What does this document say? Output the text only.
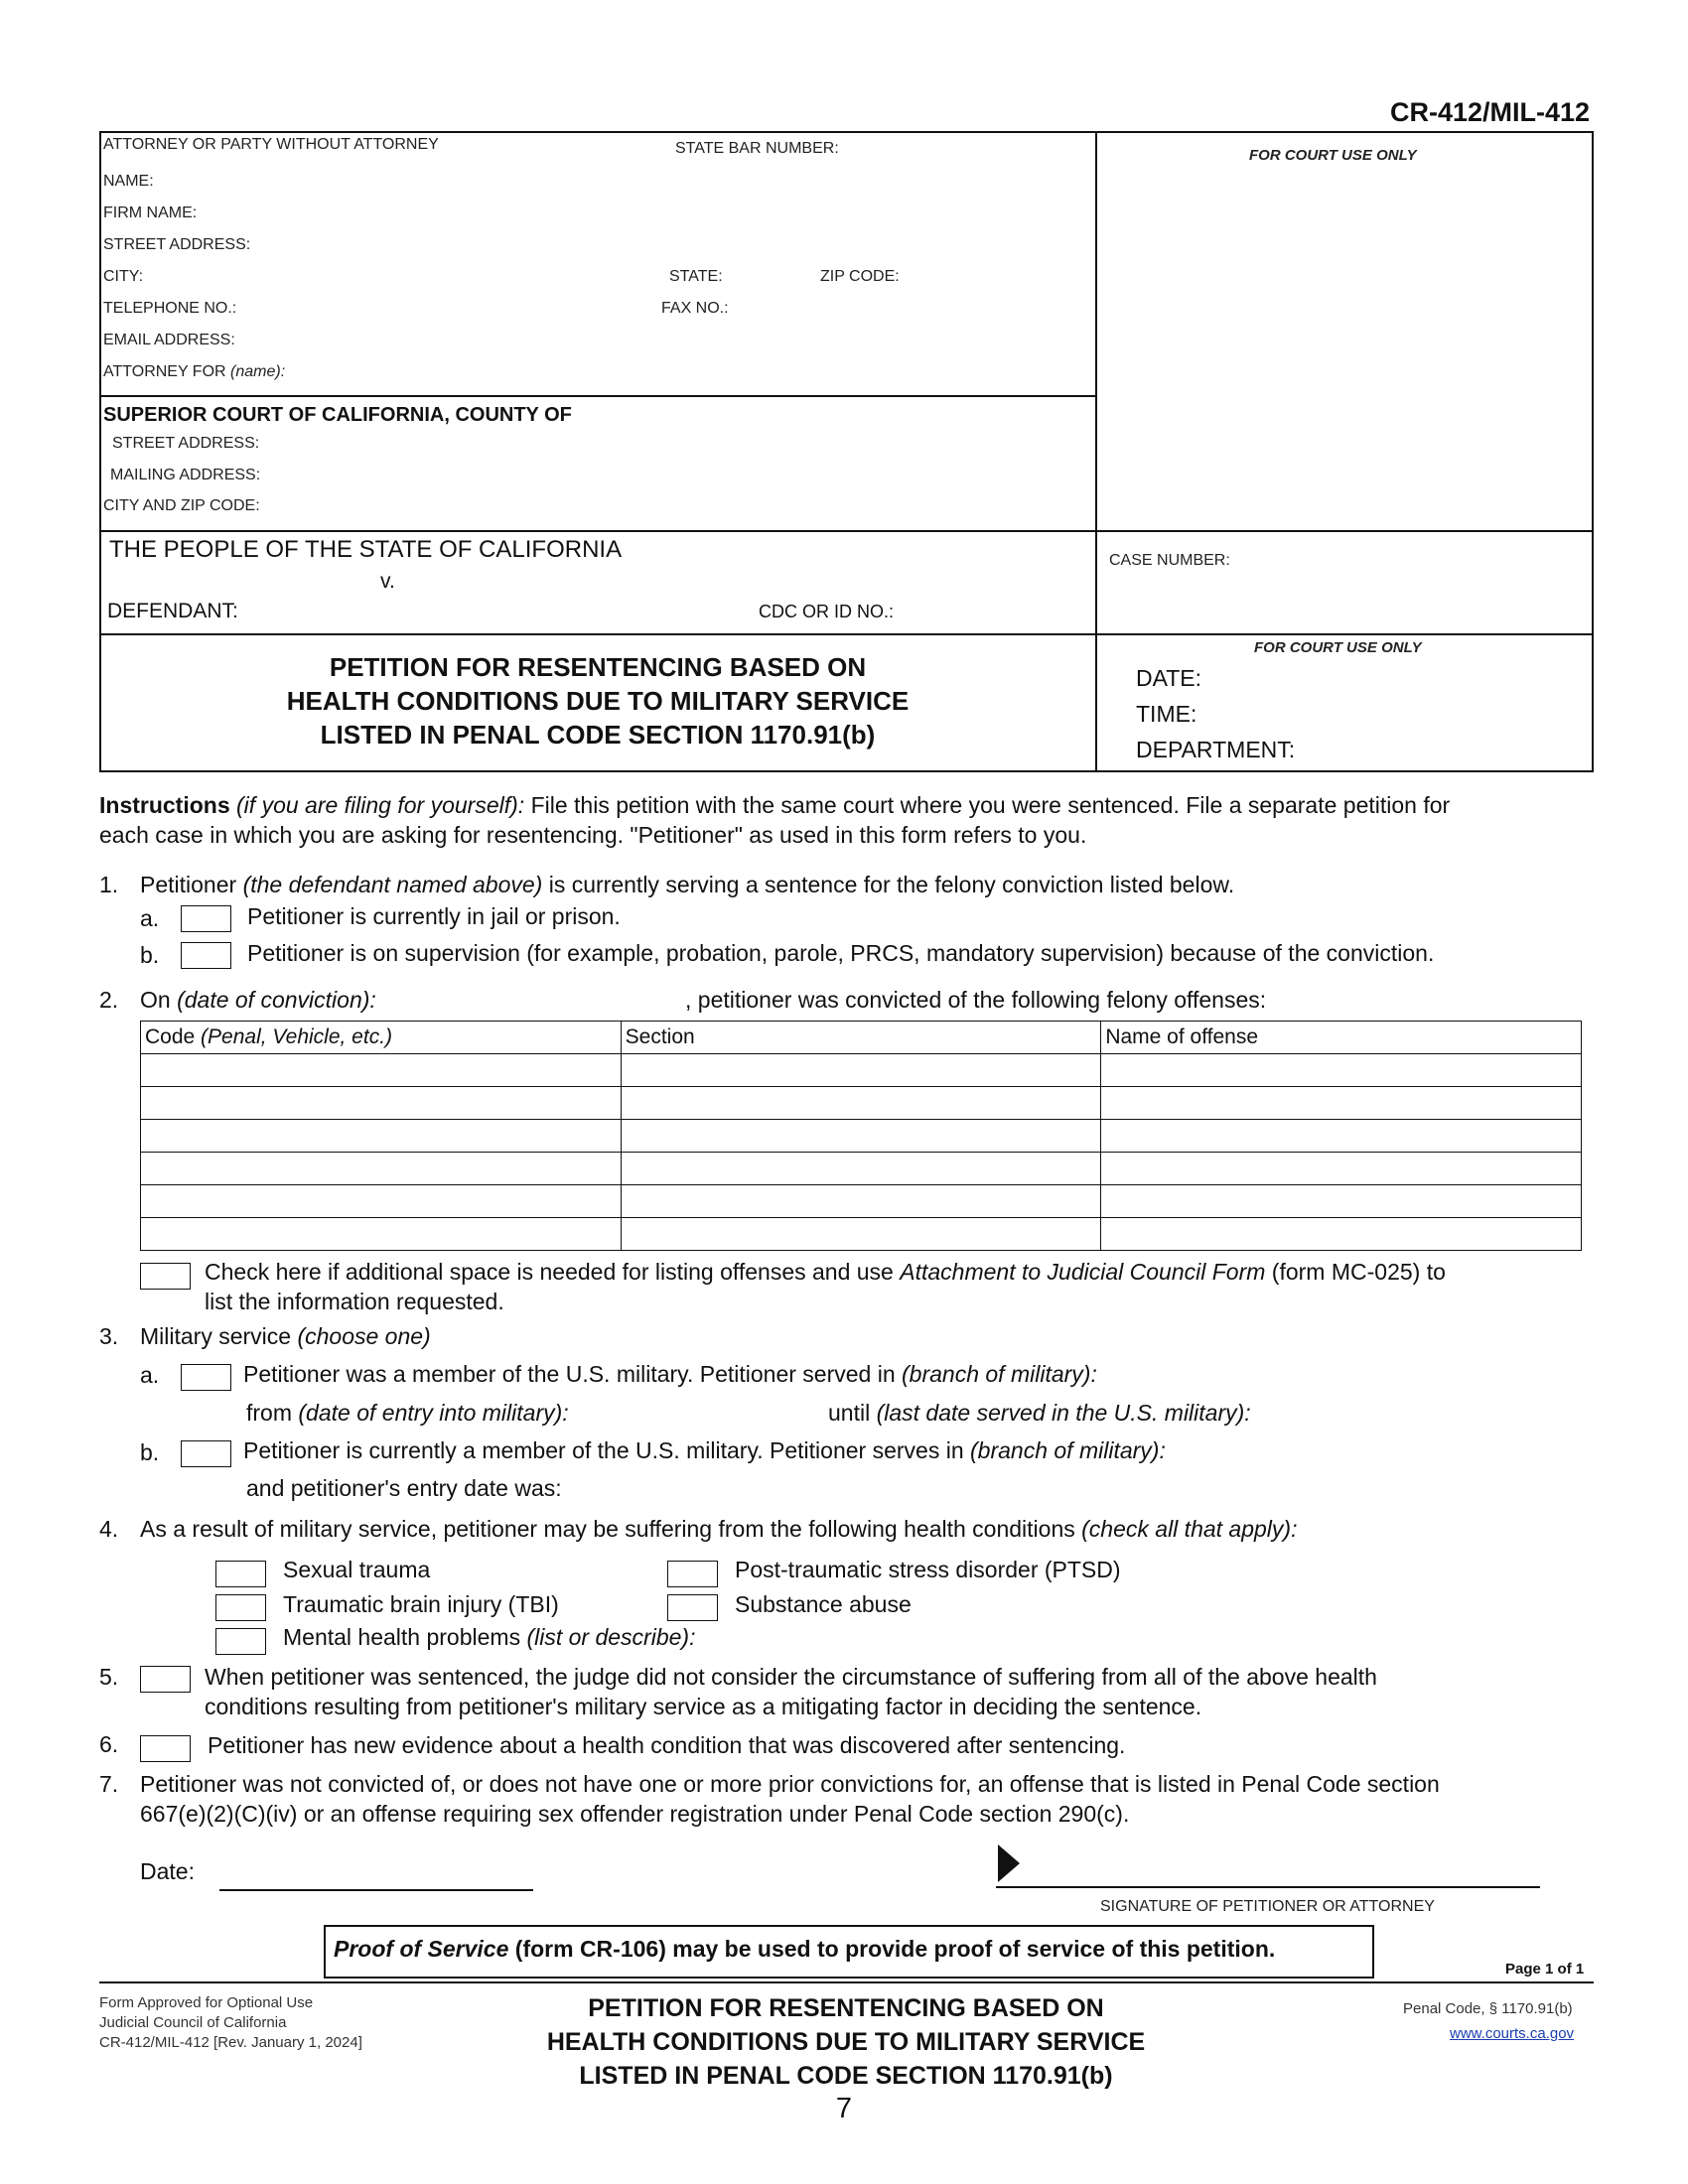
CR-412/MIL-412
ATTORNEY OR PARTY WITHOUT ATTORNEY	STATE BAR NUMBER:	FOR COURT USE ONLY
NAME:
FIRM NAME:
STREET ADDRESS:
CITY:	STATE:	ZIP CODE:
TELEPHONE NO.:	FAX NO.:
EMAIL ADDRESS:
ATTORNEY FOR (name):
SUPERIOR COURT OF CALIFORNIA, COUNTY OF
STREET ADDRESS:
MAILING ADDRESS:
CITY AND ZIP CODE:
THE PEOPLE OF THE STATE OF CALIFORNIA
v.
DEFENDANT:	CDC OR ID NO.:
CASE NUMBER:
PETITION FOR RESENTENCING BASED ON
HEALTH CONDITIONS DUE TO MILITARY SERVICE
LISTED IN PENAL CODE SECTION 1170.91(b)
FOR COURT USE ONLY
DATE:
TIME:
DEPARTMENT:
Instructions (if you are filing for yourself): File this petition with the same court where you were sentenced. File a separate petition for
each case in which you are asking for resentencing. "Petitioner" as used in this form refers to you.
1. Petitioner (the defendant named above) is currently serving a sentence for the felony conviction listed below.
a.	Petitioner is currently in jail or prison.
b.	Petitioner is on supervision (for example, probation, parole, PRCS, mandatory supervision) because of the conviction.
2. On (date of conviction):	, petitioner was convicted of the following felony offenses:
Code (Penal, Vehicle, etc.)	Section	Name of offense

Check here if additional space is needed for listing offenses and use Attachment to Judicial Council Form (form MC-025) to
list the information requested.
3. Military service (choose one)
a.	Petitioner was a member of the U.S. military. Petitioner served in (branch of military):
from (date of entry into military):	until (last date served in the U.S. military):
b.	Petitioner is currently a member of the U.S. military. Petitioner serves in (branch of military):
and petitioner's entry date was:
4. As a result of military service, petitioner may be suffering from the following health conditions (check all that apply):
Sexual trauma	Post-traumatic stress disorder (PTSD)
Traumatic brain injury (TBI)	Substance abuse
Mental health problems (list or describe):
5.	When petitioner was sentenced, the judge did not consider the circumstance of suffering from all of the above health
conditions resulting from petitioner's military service as a mitigating factor in deciding the sentence.
6.	Petitioner has new evidence about a health condition that was discovered after sentencing.
7. Petitioner was not convicted of, or does not have one or more prior convictions for, an offense that is listed in Penal Code section
667(e)(2)(C)(iv) or an offense requiring sex offender registration under Penal Code section 290(c).
Date:
SIGNATURE OF PETITIONER OR ATTORNEY
Proof of Service (form CR-106) may be used to provide proof of service of this petition.
Page 1 of 1
Form Approved for Optional Use
Judicial Council of California
CR-412/MIL-412 [Rev. January 1, 2024]
PETITION FOR RESENTENCING BASED ON
HEALTH CONDITIONS DUE TO MILITARY SERVICE
LISTED IN PENAL CODE SECTION 1170.91(b)
Penal Code, § 1170.91(b)
www.courts.ca.gov
7
